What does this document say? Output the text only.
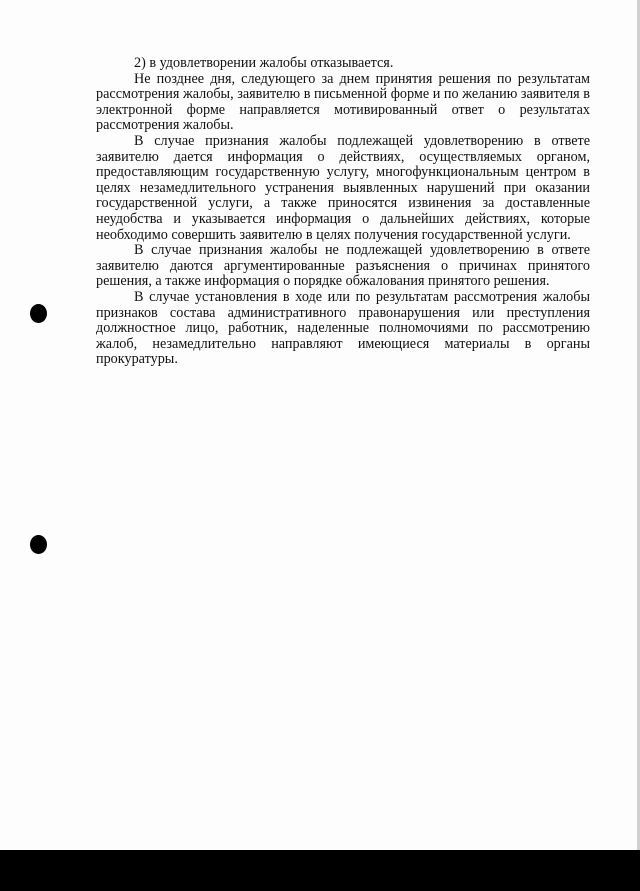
2) в удовлетворении жалобы отказывается.

Не позднее дня, следующего за днем принятия решения по результатам рассмотрения жалобы, заявителю в письменной форме и по желанию заявителя в электронной форме направляется мотивированный ответ о результатах рассмотрения жалобы.

В случае признания жалобы подлежащей удовлетворению в ответе заявителю дается информация о действиях, осуществляемых органом, предоставляющим государственную услугу, многофункциональным центром в целях незамедлительного устранения выявленных нарушений при оказании государственной услуги, а также приносятся извинения за доставленные неудобства и указывается информация о дальнейших действиях, которые необходимо совершить заявителю в целях получения государственной услуги.

В случае признания жалобы не подлежащей удовлетворению в ответе заявителю даются аргументированные разъяснения о причинах принятого решения, а также информация о порядке обжалования принятого решения.

В случае установления в ходе или по результатам рассмотрения жалобы признаков состава административного правонарушения или преступления должностное лицо, работник, наделенные полномочиями по рассмотрению жалоб, незамедлительно направляют имеющиеся материалы в органы прокуратуры.
